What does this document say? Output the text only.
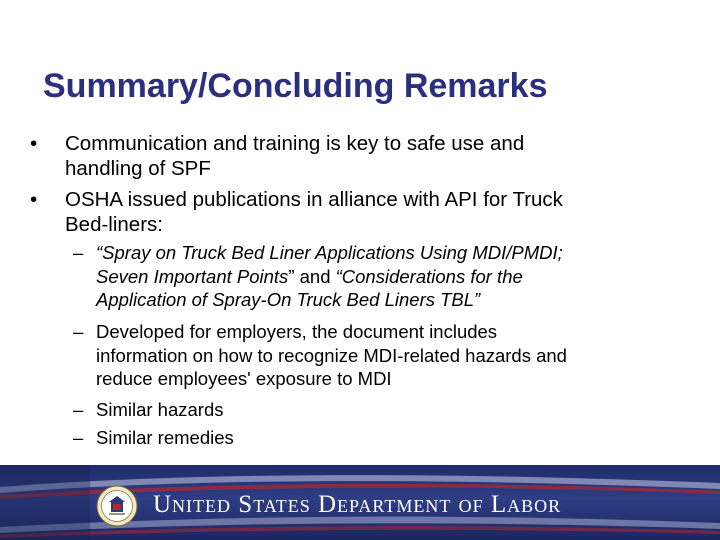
Summary/Concluding Remarks
•	Communication and training is key to safe use and
handling of SPF
•	OSHA issued publications in alliance with API for Truck
Bed-liners:
– “Spray on Truck Bed Liner Applications Using MDI/PMDI;
Seven Important Points” and “Considerations for the
Application of Spray-On Truck Bed Liners TBL”
– Developed for employers, the document includes
information on how to recognize MDI-related hazards and
reduce employees' exposure to MDI
– Similar hazards
– Similar remedies
United States Department of Labor
